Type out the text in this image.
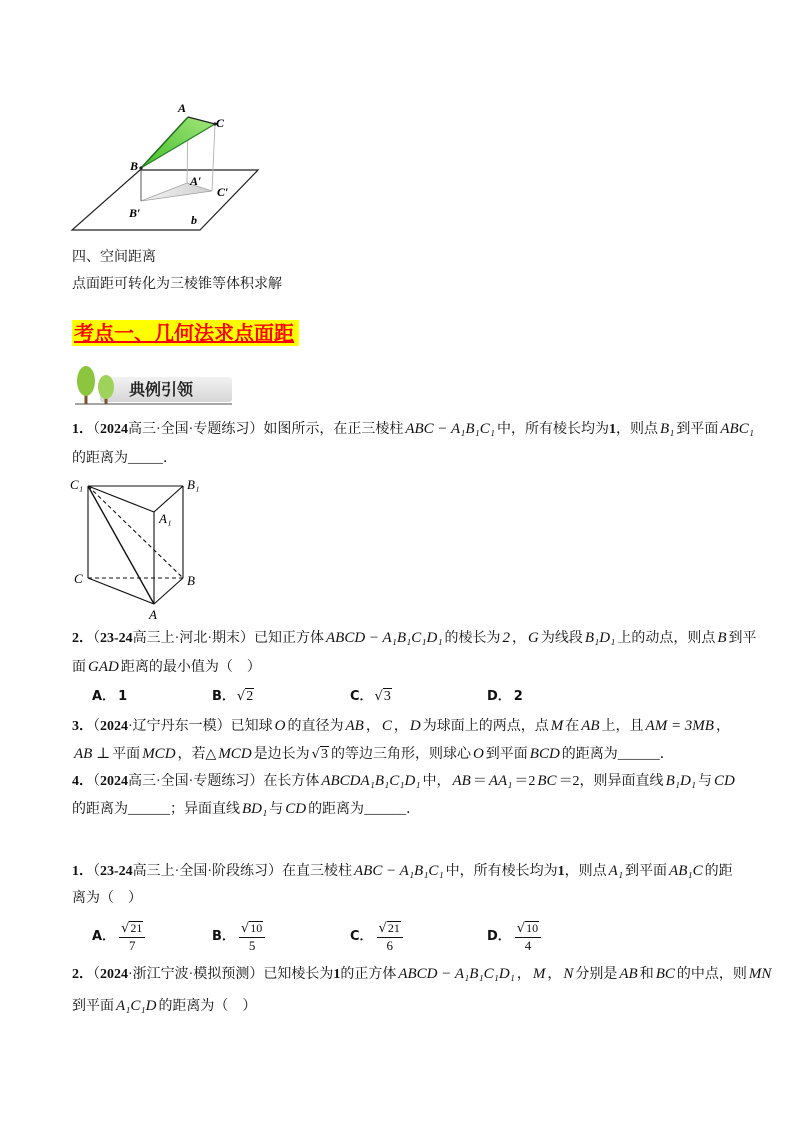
A
C
B
A′
C′
B′	b
四、空间距离
点面距可转化为三棱锥等体积求解
考点一、几何法求点面距
典例引领
1．（2024高三·全国·专题练习）如图所示，在正三棱柱 ABC − A₁B₁C₁ 中，所有棱长均为1，则点 B₁ 到平面 ABC₁
的距离为_____．
C₁	B₁
A₁
C	B
A
2．（23-24高三上·河北·期末）已知正方体 ABCD − A₁B₁C₁D₁ 的棱长为 2 ， G 为线段 B₁D₁ 上的动点，则点 B 到平
面 GAD 距离的最小值为（　）
A． 1	B． √2	C． √3	D． 2
3．（2024·辽宁丹东一模）已知球 O 的直径为 AB ， C ， D 为球面上的两点，点 M 在 AB 上，且 AM = 3MB ，
AB ⊥ 平面 MCD ，若△ MCD 是边长为 √3 的等边三角形，则球心 O 到平面 BCD 的距离为______．
4．（2024高三·全国·专题练习）在长方体 ABCDA₁B₁C₁D₁ 中， AB ＝ AA₁ ＝2 BC ＝2，则异面直线 B₁D₁ 与 CD
的距离为______；异面直线 BD₁ 与 CD 的距离为______．
1．（23-24高三上·全国·阶段练习）在直三棱柱 ABC − A₁B₁C₁ 中，所有棱长均为1，则点 A₁ 到平面 AB₁C 的距
离为（　）
A． $\frac{√21}{7}$	B． $\frac{√10}{5}$	C． $\frac{√21}{6}$	D． $\frac{√10}{4}$
2．（2024·浙江宁波·模拟预测）已知棱长为1的正方体 ABCD − A₁B₁C₁D₁ ， M ， N 分别是 AB 和 BC 的中点，则 MN
到平面 A₁C₁D 的距离为（　）
